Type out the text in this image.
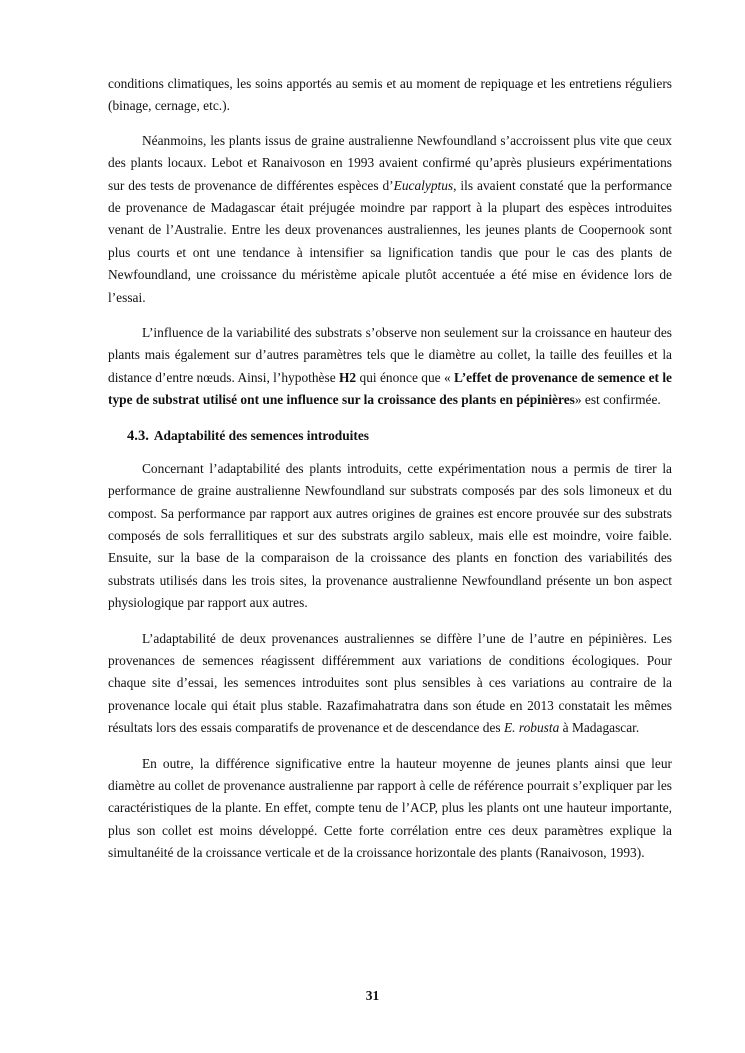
conditions climatiques, les soins apportés au semis et au moment de repiquage et les entretiens réguliers (binage, cernage, etc.).

Néanmoins, les plants issus de graine australienne Newfoundland s’accroissent plus vite que ceux des plants locaux. Lebot et Ranaivoson en 1993 avaient confirmé qu’après plusieurs expérimentations sur des tests de provenance de différentes espèces d’Eucalyptus, ils avaient constaté que la performance de provenance de Madagascar était préjugée moindre par rapport à la plupart des espèces introduites venant de l’Australie. Entre les deux provenances australiennes, les jeunes plants de Coopernook sont plus courts et ont une tendance à intensifier sa lignification tandis que pour le cas des plants de Newfoundland, une croissance du méristème apicale plutôt accentuée a été mise en évidence lors de l’essai.

L’influence de la variabilité des substrats s’observe non seulement sur la croissance en hauteur des plants mais également sur d’autres paramètres tels que le diamètre au collet, la taille des feuilles et la distance d’entre nœuds. Ainsi, l’hypothèse H2 qui énonce que « L’effet de provenance de semence et le type de substrat utilisé ont une influence sur la croissance des plants en pépinières» est confirmée.

4.3. Adaptabilité des semences introduites

Concernant l’adaptabilité des plants introduits, cette expérimentation nous a permis de tirer la performance de graine australienne Newfoundland sur substrats composés par des sols limoneux et du compost. Sa performance par rapport aux autres origines de graines est encore prouvée sur des substrats composés de sols ferrallitiques et sur des substrats argilo sableux, mais elle est moindre, voire faible. Ensuite, sur la base de la comparaison de la croissance des plants en fonction des variabilités des substrats utilisés dans les trois sites, la provenance australienne Newfoundland présente un bon aspect physiologique par rapport aux autres.

L’adaptabilité de deux provenances australiennes se diffère l’une de l’autre en pépinières. Les provenances de semences réagissent différemment aux variations de conditions écologiques. Pour chaque site d’essai, les semences introduites sont plus sensibles à ces variations au contraire de la provenance locale qui était plus stable. Razafimahatratra dans son étude en 2013 constatait les mêmes résultats lors des essais comparatifs de provenance et de descendance des E. robusta à Madagascar.

En outre, la différence significative entre la hauteur moyenne de jeunes plants ainsi que leur diamètre au collet de provenance australienne par rapport à celle de référence pourrait s’expliquer par les caractéristiques de la plante. En effet, compte tenu de l’ACP, plus les plants ont une hauteur importante, plus son collet est moins développé. Cette forte corrélation entre ces deux paramètres explique la simultanéité de la croissance verticale et de la croissance horizontale des plants (Ranaivoson, 1993).

31
